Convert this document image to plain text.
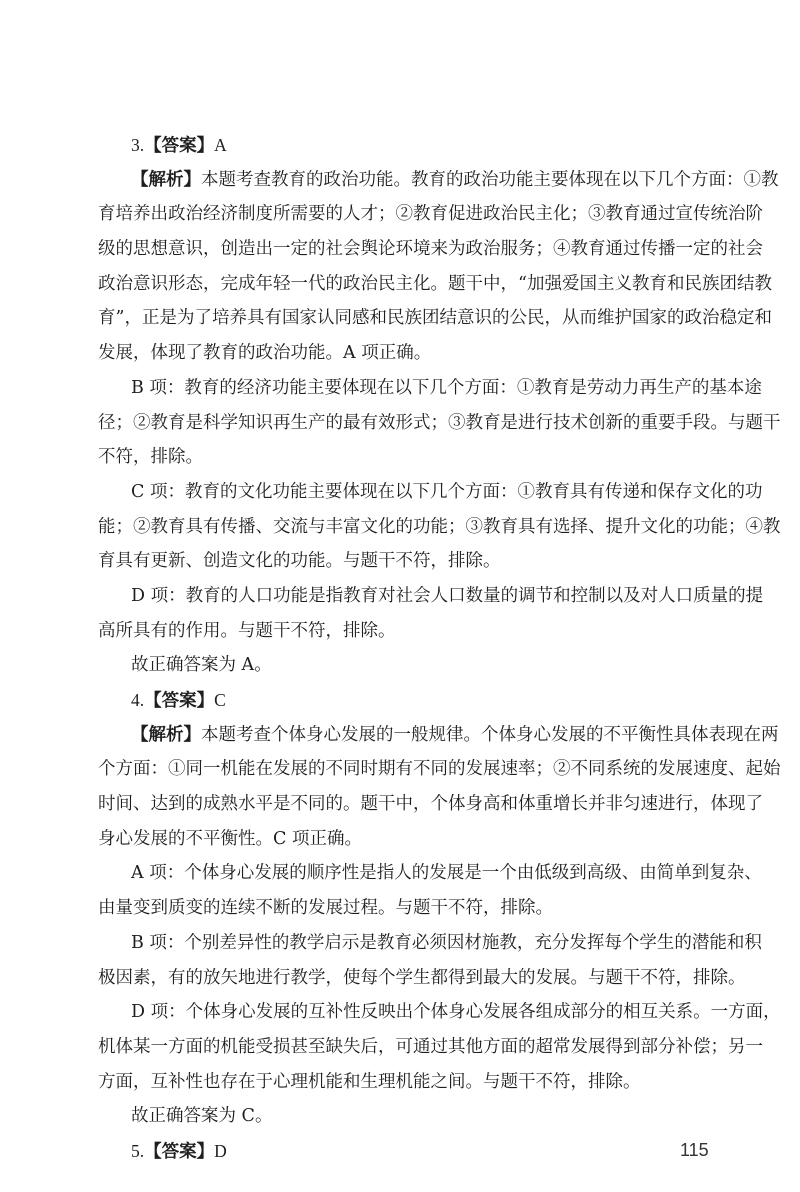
3.【答案】A
【解析】本题考查教育的政治功能。教育的政治功能主要体现在以下几个方面：①教
育培养出政治经济制度所需要的人才；②教育促进政治民主化；③教育通过宣传统治阶
级的思想意识，创造出一定的社会舆论环境来为政治服务；④教育通过传播一定的社会
政治意识形态，完成年轻一代的政治民主化。题干中，“加强爱国主义教育和民族团结教
育”，正是为了培养具有国家认同感和民族团结意识的公民，从而维护国家的政治稳定和
发展，体现了教育的政治功能。A 项正确。
B 项：教育的经济功能主要体现在以下几个方面：①教育是劳动力再生产的基本途
径；②教育是科学知识再生产的最有效形式；③教育是进行技术创新的重要手段。与题干
不符，排除。
C 项：教育的文化功能主要体现在以下几个方面：①教育具有传递和保存文化的功
能；②教育具有传播、交流与丰富文化的功能；③教育具有选择、提升文化的功能；④教
育具有更新、创造文化的功能。与题干不符，排除。
D 项：教育的人口功能是指教育对社会人口数量的调节和控制以及对人口质量的提
高所具有的作用。与题干不符，排除。
故正确答案为 A。
4.【答案】C
【解析】本题考查个体身心发展的一般规律。个体身心发展的不平衡性具体表现在两
个方面：①同一机能在发展的不同时期有不同的发展速率；②不同系统的发展速度、起始
时间、达到的成熟水平是不同的。题干中，个体身高和体重增长并非匀速进行，体现了
身心发展的不平衡性。C 项正确。
A 项：个体身心发展的顺序性是指人的发展是一个由低级到高级、由简单到复杂、
由量变到质变的连续不断的发展过程。与题干不符，排除。
B 项：个别差异性的教学启示是教育必须因材施教，充分发挥每个学生的潜能和积
极因素，有的放矢地进行教学，使每个学生都得到最大的发展。与题干不符，排除。
D 项：个体身心发展的互补性反映出个体身心发展各组成部分的相互关系。一方面，
机体某一方面的机能受损甚至缺失后，可通过其他方面的超常发展得到部分补偿；另一
方面，互补性也存在于心理机能和生理机能之间。与题干不符，排除。
故正确答案为 C。
5.【答案】D	115
